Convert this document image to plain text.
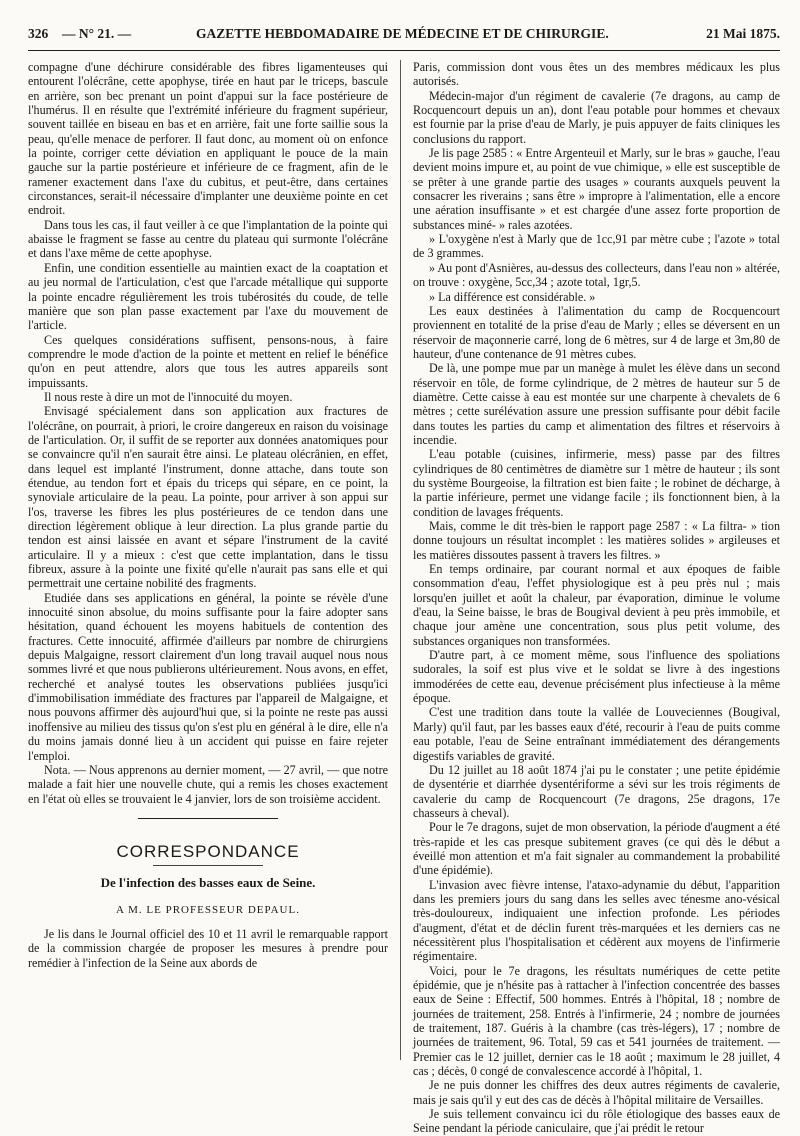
326 — N° 21. —	GAZETTE HEBDOMADAIRE DE MÉDECINE ET DE CHIRURGIE.	21 Mai 1875.

compagne d'une déchirure considérable des fibres ligamenteuses qui entourent l'olécrâne, cette apophyse, tirée en haut par le triceps, bascule en arrière, son bec prenant un point d'appui sur la face postérieure de l'humérus. Il en résulte que l'extrémité inférieure du fragment supérieur, souvent taillée en biseau en bas et en arrière, fait une forte saillie sous la peau, qu'elle menace de perforer. Il faut donc, au moment où on enfonce la pointe, corriger cette déviation en appliquant le pouce de la main gauche sur la partie postérieure et inférieure de ce fragment, afin de le ramener exactement dans l'axe du cubitus, et peut-être, dans certaines circonstances, serait-il nécessaire d'implanter une deuxième pointe en cet endroit.

Dans tous les cas, il faut veiller à ce que l'implantation de la pointe qui abaisse le fragment se fasse au centre du plateau qui surmonte l'olécrâne et dans l'axe même de cette apophyse.

Enfin, une condition essentielle au maintien exact de la coaptation et au jeu normal de l'articulation, c'est que l'arcade métallique qui supporte la pointe encadre régulièrement les trois tubérosités du coude, de telle manière que son plan passe exactement par l'axe du mouvement de l'article.

Ces quelques considérations suffisent, pensons-nous, à faire comprendre le mode d'action de la pointe et mettent en relief le bénéfice qu'on en peut attendre, alors que tous les autres appareils sont impuissants.

Il nous reste à dire un mot de l'innocuité du moyen.

Envisagé spécialement dans son application aux fractures de l'olécrâne, on pourrait, à priori, le croire dangereux en raison du voisinage de l'articulation. Or, il suffit de se reporter aux données anatomiques pour se convaincre qu'il n'en saurait être ainsi. Le plateau olécrânien, en effet, dans lequel est implanté l'instrument, donne attache, dans toute son étendue, au tendon fort et épais du triceps qui sépare, en ce point, la synoviale articulaire de la peau. La pointe, pour arriver à son appui sur l'os, traverse les fibres les plus postérieures de ce tendon dans une direction légèrement oblique à leur direction. La plus grande partie du tendon est ainsi laissée en avant et sépare l'instrument de la cavité articulaire. Il y a mieux : c'est que cette implantation, dans le tissu fibreux, assure à la pointe une fixité qu'elle n'aurait pas sans elle et qui permettrait une certaine nobilité des fragments.

Etudiée dans ses applications en général, la pointe se révèle d'une innocuité sinon absolue, du moins suffisante pour la faire adopter sans hésitation, quand échouent les moyens habituels de contention des fractures. Cette innocuité, affirmée d'ailleurs par nombre de chirurgiens depuis Malgaigne, ressort clairement d'un long travail auquel nous nous sommes livré et que nous publierons ultérieurement. Nous avons, en effet, recherché et analysé toutes les observations publiées jusqu'ici d'immobilisation immédiate des fractures par l'appareil de Malgaigne, et nous pouvons affirmer dès aujourd'hui que, si la pointe ne reste pas aussi inoffensive au milieu des tissus qu'on s'est plu en général à le dire, elle n'a du moins jamais donné lieu à un accident qui puisse en faire rejeter l'emploi.

Nota. — Nous apprenons au dernier moment, — 27 avril, — que notre malade a fait hier une nouvelle chute, qui a remis les choses exactement en l'état où elles se trouvaient le 4 janvier, lors de son troisième accident.

CORRESPONDANCE
De l'infection des basses eaux de Seine.
A M. LE PROFESSEUR DEPAUL.

Je lis dans le Journal officiel des 10 et 11 avril le remarquable rapport de la commission chargée de proposer les mesures à prendre pour remédier à l'infection de la Seine aux abords de

Paris, commission dont vous êtes un des membres médicaux les plus autorisés.

Médecin-major d'un régiment de cavalerie (7e dragons, au camp de Rocquencourt depuis un an), dont l'eau potable pour hommes et chevaux est fournie par la prise d'eau de Marly, je puis appuyer de faits cliniques les conclusions du rapport.

Je lis page 2585 : « Entre Argenteuil et Marly, sur le bras » gauche, l'eau devient moins impure et, au point de vue chimique, » elle est susceptible de se prêter à une grande partie des usages » courants auxquels peuvent la consacrer les riverains ; sans être » impropre à l'alimentation, elle a encore une aération insuffisante » et est chargée d'une assez forte proportion de substances miné- » rales azotées.

» L'oxygène n'est à Marly que de 1cc,91 par mètre cube ; l'azote » total de 3 grammes.

» Au pont d'Asnières, au-dessus des collecteurs, dans l'eau non » altérée, on trouve : oxygène, 5cc,34 ; azote total, 1gr,5.

» La différence est considérable. »

Les eaux destinées à l'alimentation du camp de Rocquencourt proviennent en totalité de la prise d'eau de Marly ; elles se déversent en un réservoir de maçonnerie carré, long de 6 mètres, sur 4 de large et 3m,80 de hauteur, d'une contenance de 91 mètres cubes.

De là, une pompe mue par un manège à mulet les élève dans un second réservoir en tôle, de forme cylindrique, de 2 mètres de hauteur sur 5 de diamètre. Cette caisse à eau est montée sur une charpente à chevalets de 6 mètres ; cette surélévation assure une pression suffisante pour débit facile dans toutes les parties du camp et alimentation des filtres et réservoirs à incendie.

L'eau potable (cuisines, infirmerie, mess) passe par des filtres cylindriques de 80 centimètres de diamètre sur 1 mètre de hauteur ; ils sont du système Bourgeoise, la filtration est bien faite ; le robinet de décharge, à la partie inférieure, permet une vidange facile ; ils fonctionnent bien, à la condition de lavages fréquents.

Mais, comme le dit très-bien le rapport page 2587 : « La filtra- » tion donne toujours un résultat incomplet : les matières solides » argileuses et les matières dissoutes passent à travers les filtres. »

En temps ordinaire, par courant normal et aux époques de faible consommation d'eau, l'effet physiologique est à peu près nul ; mais lorsqu'en juillet et août la chaleur, par évaporation, diminue le volume d'eau, la Seine baisse, le bras de Bougival devient à peu près immobile, et chaque jour amène une concentration, sous plus petit volume, des substances organiques non transformées.

D'autre part, à ce moment même, sous l'influence des spoliations sudorales, la soif est plus vive et le soldat se livre à des ingestions immodérées de cette eau, devenue précisément plus infectieuse à la même époque.

C'est une tradition dans toute la vallée de Louveciennes (Bougival, Marly) qu'il faut, par les basses eaux d'été, recourir à l'eau de puits comme eau potable, l'eau de Seine entraînant immédiatement des dérangements digestifs variables de gravité.

Du 12 juillet au 18 août 1874 j'ai pu le constater ; une petite épidémie de dysentérie et diarrhée dysentériforme a sévi sur les trois régiments de cavalerie du camp de Rocquencourt (7e dragons, 25e dragons, 17e chasseurs à cheval).

Pour le 7e dragons, sujet de mon observation, la période d'augment a été très-rapide et les cas presque subitement graves (ce qui dès le début a éveillé mon attention et m'a fait signaler au commandement la probabilité d'une épidémie).

L'invasion avec fièvre intense, l'ataxo-adynamie du début, l'apparition dans les premiers jours du sang dans les selles avec ténesme ano-vésical très-douloureux, indiquaient une infection profonde. Les périodes d'augment, d'état et de déclin furent très-marquées et les derniers cas ne nécessitèrent plus l'hospitalisation et cédèrent aux moyens de l'infirmerie régimentaire.

Voici, pour le 7e dragons, les résultats numériques de cette petite épidémie, que je n'hésite pas à rattacher à l'infection concentrée des basses eaux de Seine : Effectif, 500 hommes. Entrés à l'hôpital, 18 ; nombre de journées de traitement, 258. Entrés à l'infirmerie, 24 ; nombre de journées de traitement, 187. Guéris à la chambre (cas très-légers), 17 ; nombre de journées de traitement, 96. Total, 59 cas et 541 journées de traitement. — Premier cas le 12 juillet, dernier cas le 18 août ; maximum le 28 juillet, 4 cas ; décès, 0 congé de convalescence accordé à l'hôpital, 1.

Je ne puis donner les chiffres des deux autres régiments de cavalerie, mais je sais qu'il y eut des cas de décès à l'hôpital militaire de Versailles.

Je suis tellement convaincu ici du rôle étiologique des basses eaux de Seine pendant la période caniculaire, que j'ai prédit le retour
